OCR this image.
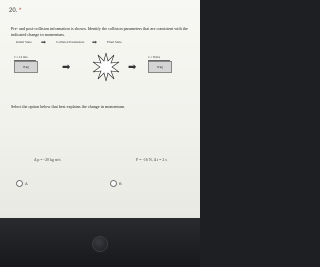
20. *
Pre- and post-collision information is shown. Identify the collision parameters that are consistent with the indicated change in momentum.
Initial State ➡	Collision Parameters ➡	Final State
v = 12 m/s
8 kg	➡	➡
v = 8 m/s
8 kg
Select the option below that best explains the change in momentum.
Δ p = -20 kg m/s
A
F = -16 N, Δ t = 2 s
B
